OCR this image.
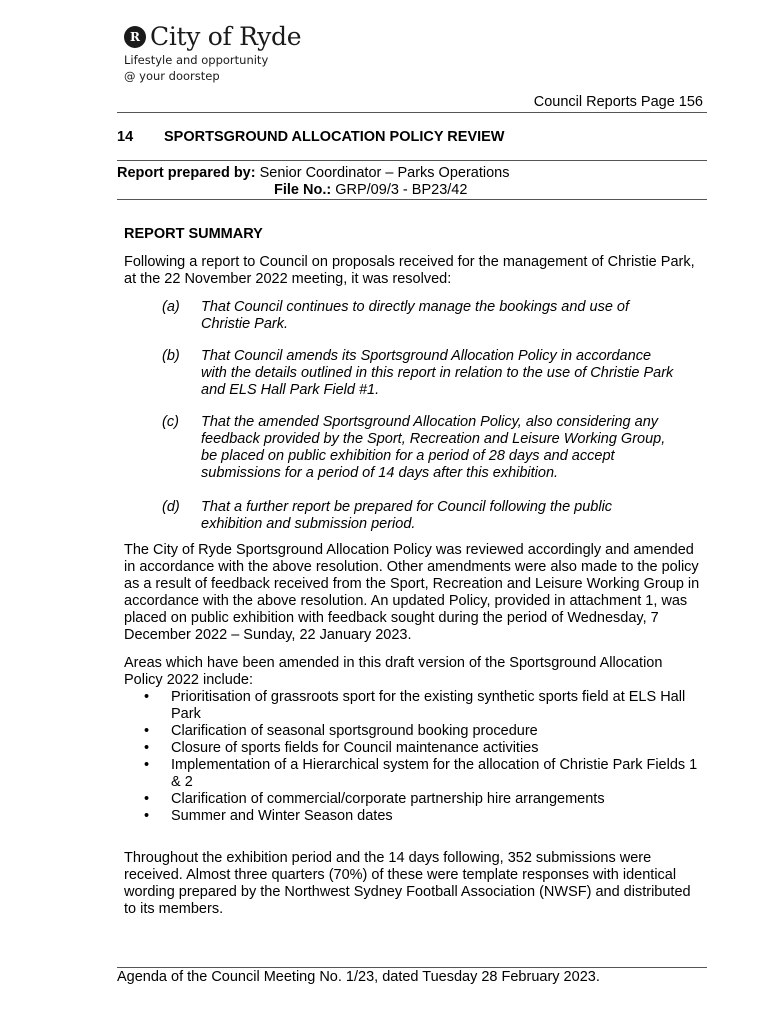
R City of Ryde
Lifestyle and opportunity
@ your doorstep
Council Reports Page 156
14	SPORTSGROUND ALLOCATION POLICY REVIEW
Report prepared by: Senior Coordinator – Parks Operations
File No.: GRP/09/3 - BP23/42
REPORT SUMMARY

Following a report to Council on proposals received for the management of Christie Park, at the 22 November 2022 meeting, it was resolved:

(a)	That Council continues to directly manage the bookings and use of Christie Park.
(b)	That Council amends its Sportsground Allocation Policy in accordance with the details outlined in this report in relation to the use of Christie Park and ELS Hall Park Field #1.
(c)	That the amended Sportsground Allocation Policy, also considering any feedback provided by the Sport, Recreation and Leisure Working Group, be placed on public exhibition for a period of 28 days and accept submissions for a period of 14 days after this exhibition.
(d)	That a further report be prepared for Council following the public exhibition and submission period.

The City of Ryde Sportsground Allocation Policy was reviewed accordingly and amended in accordance with the above resolution. Other amendments were also made to the policy as a result of feedback received from the Sport, Recreation and Leisure Working Group in accordance with the above resolution. An updated Policy, provided in attachment 1, was placed on public exhibition with feedback sought during the period of Wednesday, 7 December 2022 – Sunday, 22 January 2023.

Areas which have been amended in this draft version of the Sportsground Allocation Policy 2022 include:

•	Prioritisation of grassroots sport for the existing synthetic sports field at ELS Hall Park
•	Clarification of seasonal sportsground booking procedure
•	Closure of sports fields for Council maintenance activities
•	Implementation of a Hierarchical system for the allocation of Christie Park Fields 1 & 2
•	Clarification of commercial/corporate partnership hire arrangements
•	Summer and Winter Season dates

Throughout the exhibition period and the 14 days following, 352 submissions were received. Almost three quarters (70%) of these were template responses with identical wording prepared by the Northwest Sydney Football Association (NWSF) and distributed to its members.

Agenda of the Council Meeting No. 1/23, dated Tuesday 28 February 2023.
